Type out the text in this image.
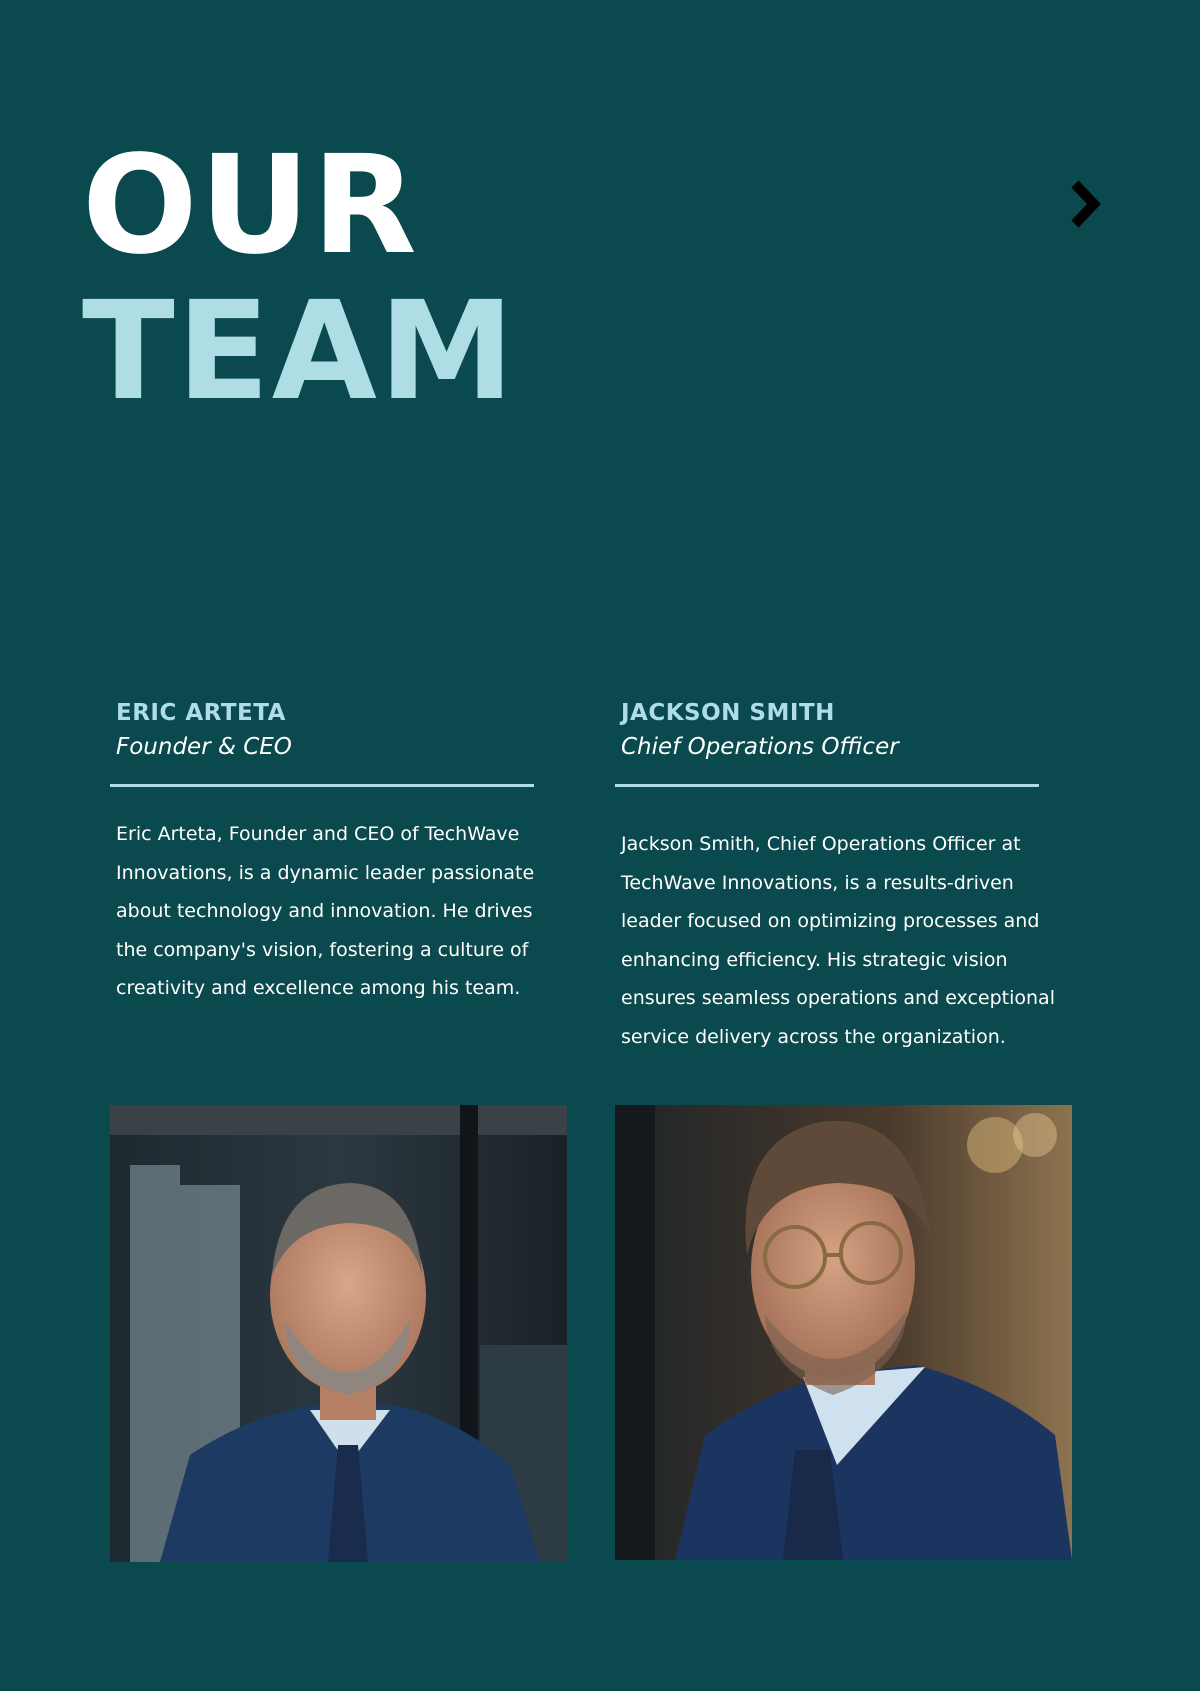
OUR
TEAM
ERIC ARTETA

Founder & CEO

Eric Arteta, Founder and CEO of TechWave Innovations, is a dynamic leader passionate about technology and innovation. He drives the company's vision, fostering a culture of creativity and excellence among his team.

JACKSON SMITH

Chief Operations Officer

Jackson Smith, Chief Operations Officer at TechWave Innovations, is a results-driven leader focused on optimizing processes and enhancing efficiency. His strategic vision ensures seamless operations and exceptional service delivery across the organization.
